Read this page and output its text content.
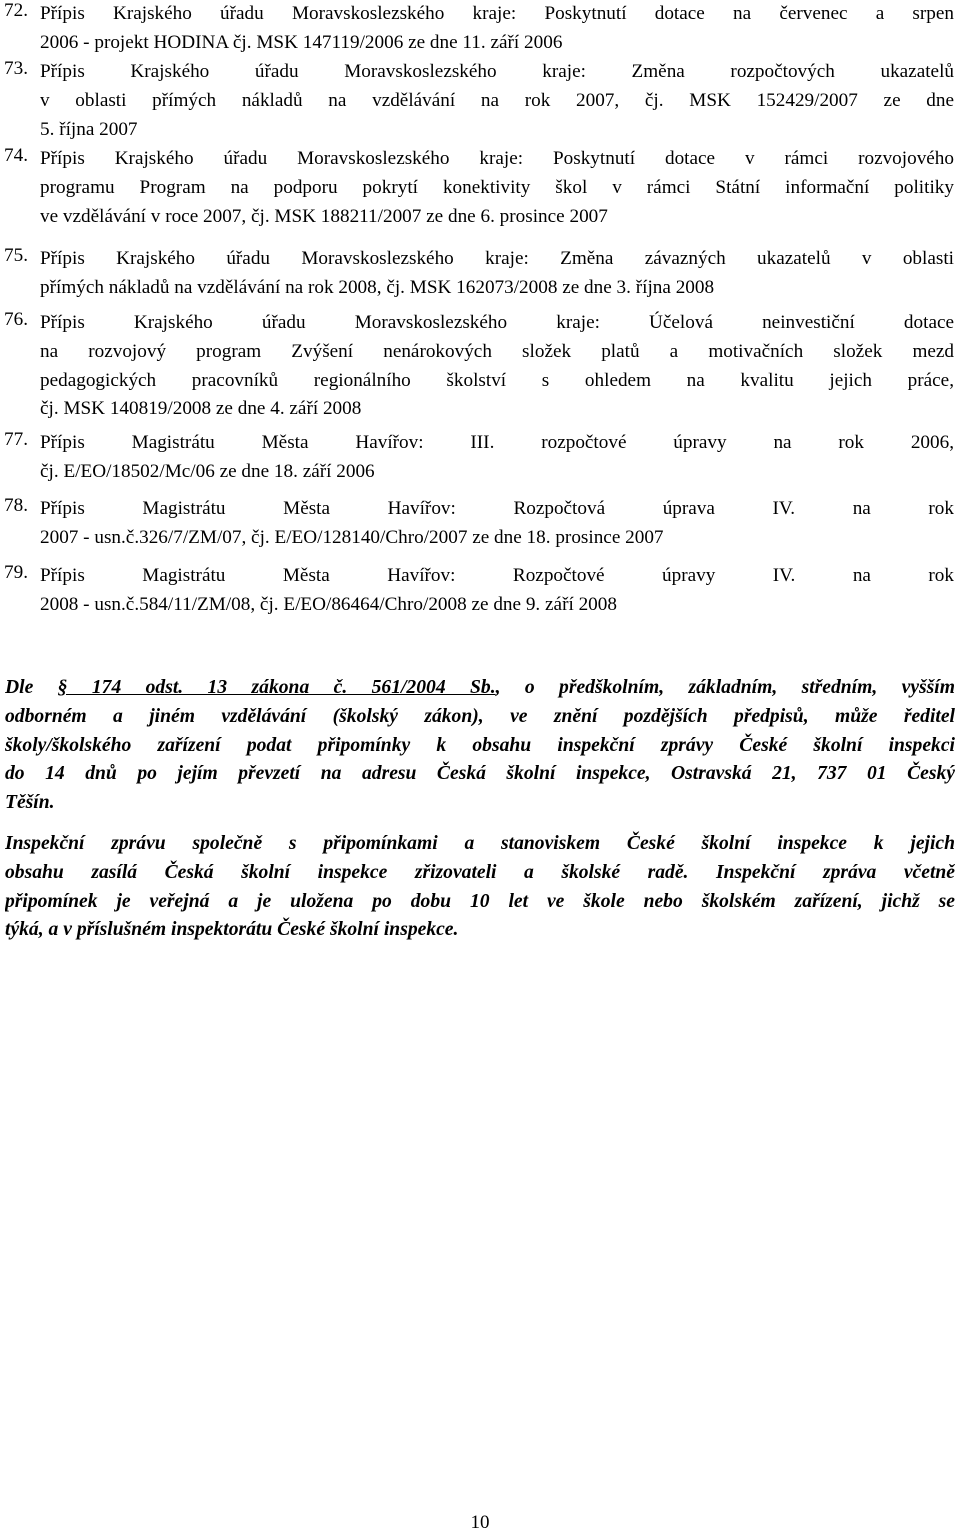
72. Přípis Krajského úřadu Moravskoslezského kraje: Poskytnutí dotace na červenec a srpen
2006 - projekt HODINA čj. MSK 147119/2006 ze dne 11. září 2006
73. Přípis Krajského úřadu Moravskoslezského kraje: Změna rozpočtových ukazatelů
v oblasti přímých nákladů na vzdělávání na rok 2007, čj. MSK 152429/2007 ze dne
5. října 2007
74. Přípis Krajského úřadu Moravskoslezského kraje: Poskytnutí dotace v rámci rozvojového
programu Program na podporu pokrytí konektivity škol v rámci Státní informační politiky
ve vzdělávání v roce 2007, čj. MSK 188211/2007 ze dne 6. prosince 2007
75. Přípis Krajského úřadu Moravskoslezského kraje: Změna závazných ukazatelů v oblasti
přímých nákladů na vzdělávání na rok 2008, čj. MSK 162073/2008 ze dne 3. října 2008
76. Přípis Krajského úřadu Moravskoslezského kraje: Účelová neinvestiční dotace
na rozvojový program Zvýšení nenárokových složek platů a motivačních složek mezd
pedagogických pracovníků regionálního školství s ohledem na kvalitu jejich práce,
čj. MSK 140819/2008 ze dne 4. září 2008
77. Přípis Magistrátu Města Havířov: III. rozpočtové úpravy na rok 2006,
čj. E/EO/18502/Mc/06 ze dne 18. září 2006
78. Přípis Magistrátu Města Havířov: Rozpočtová úprava IV. na rok
2007 - usn.č.326/7/ZM/07, čj. E/EO/128140/Chro/2007 ze dne 18. prosince 2007
79. Přípis Magistrátu Města Havířov: Rozpočtové úpravy IV. na rok
2008 - usn.č.584/11/ZM/08, čj. E/EO/86464/Chro/2008 ze dne 9. září 2008
Dle § 174 odst. 13 zákona č. 561/2004 Sb., o předškolním, základním, středním, vyšším
odborném a jiném vzdělávání (školský zákon), ve znění pozdějších předpisů, může ředitel
školy/školského zařízení podat připomínky k obsahu inspekční zprávy České školní inspekci
do 14 dnů po jejím převzetí na adresu Česká školní inspekce, Ostravská 21, 737 01 Český
Těšín.
Inspekční zprávu společně s připomínkami a stanoviskem České školní inspekce k jejich
obsahu zasílá Česká školní inspekce zřizovateli a školské radě. Inspekční zpráva včetně
připomínek je veřejná a je uložena po dobu 10 let ve škole nebo školském zařízení, jichž se
týká, a v příslušném inspektorátu České školní inspekce.
10
